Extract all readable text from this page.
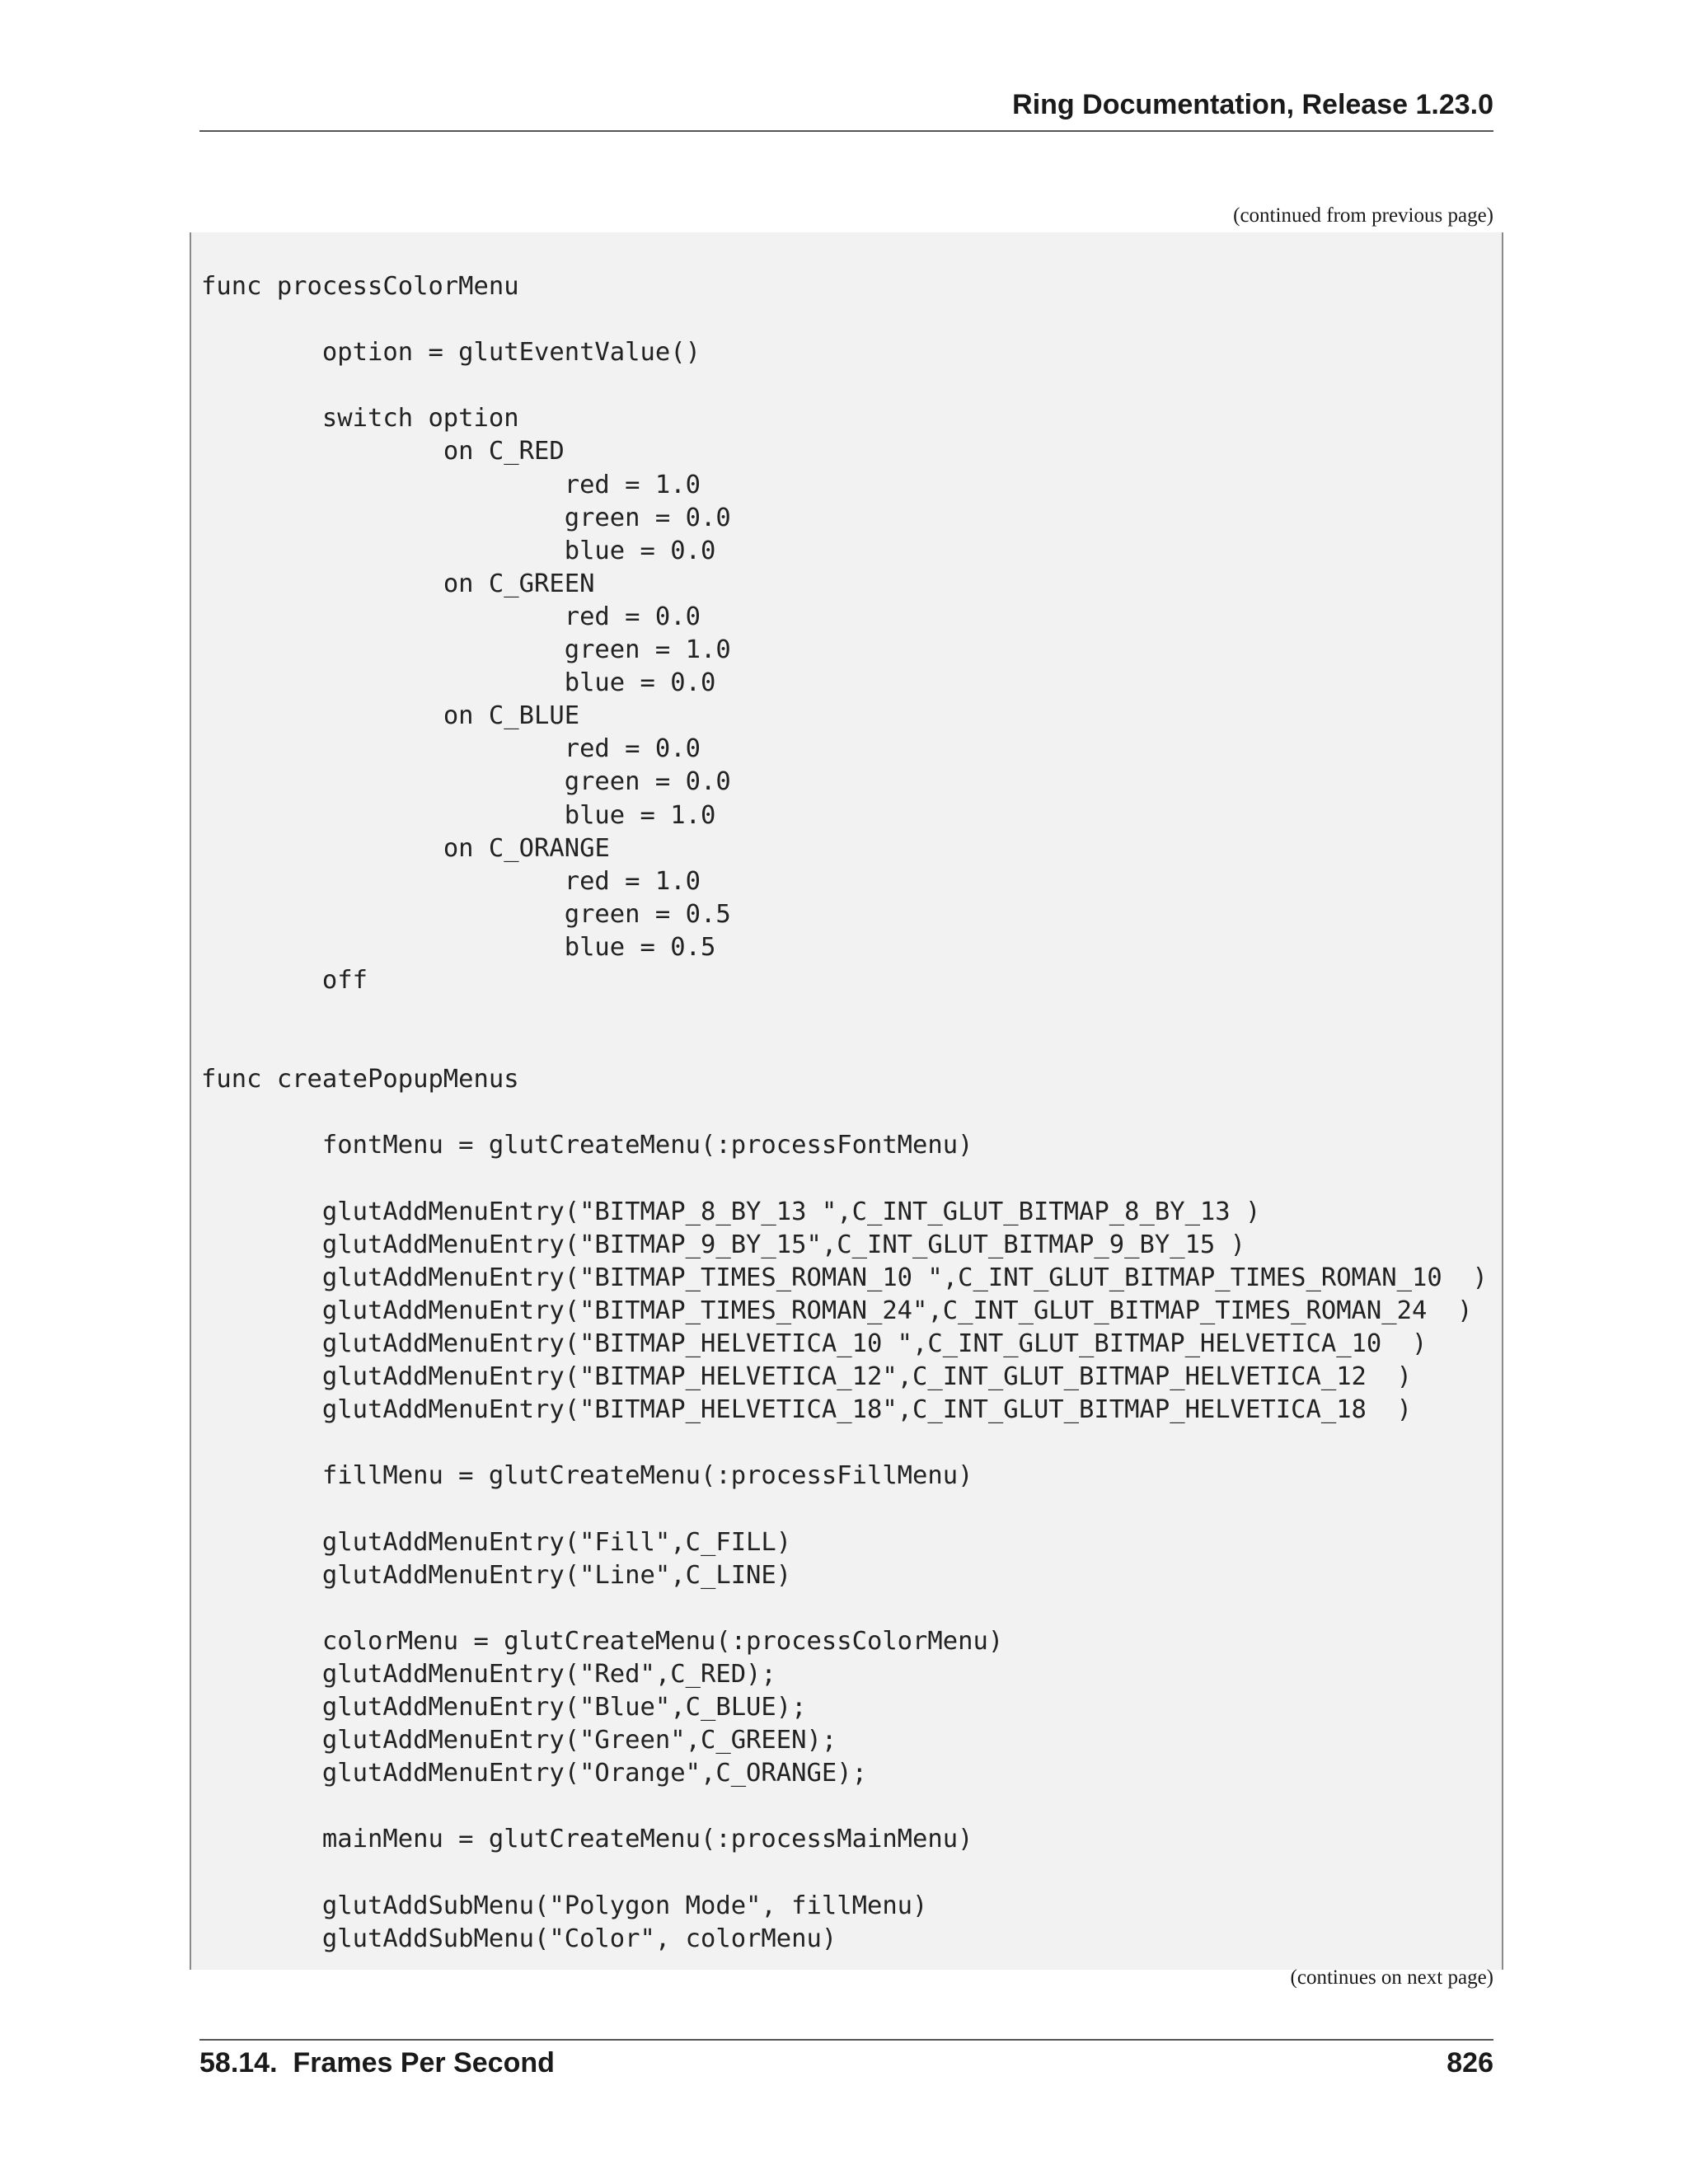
Ring Documentation, Release 1.23.0
(continued from previous page)
func processColorMenu

	option = glutEventValue()

	switch option
		on C_RED
			red = 1.0
			green = 0.0
			blue = 0.0
		on C_GREEN
			red = 0.0
			green = 1.0
			blue = 0.0
		on C_BLUE
			red = 0.0
			green = 0.0
			blue = 1.0
		on C_ORANGE
			red = 1.0
			green = 0.5
			blue = 0.5
	off

func createPopupMenus

	fontMenu = glutCreateMenu(:processFontMenu)

	glutAddMenuEntry("BITMAP_8_BY_13 ",C_INT_GLUT_BITMAP_8_BY_13 )
	glutAddMenuEntry("BITMAP_9_BY_15",C_INT_GLUT_BITMAP_9_BY_15 )
	glutAddMenuEntry("BITMAP_TIMES_ROMAN_10 ",C_INT_GLUT_BITMAP_TIMES_ROMAN_10  )
	glutAddMenuEntry("BITMAP_TIMES_ROMAN_24",C_INT_GLUT_BITMAP_TIMES_ROMAN_24  )
	glutAddMenuEntry("BITMAP_HELVETICA_10 ",C_INT_GLUT_BITMAP_HELVETICA_10  )
	glutAddMenuEntry("BITMAP_HELVETICA_12",C_INT_GLUT_BITMAP_HELVETICA_12  )
	glutAddMenuEntry("BITMAP_HELVETICA_18",C_INT_GLUT_BITMAP_HELVETICA_18  )

	fillMenu = glutCreateMenu(:processFillMenu)

	glutAddMenuEntry("Fill",C_FILL)
	glutAddMenuEntry("Line",C_LINE)

	colorMenu = glutCreateMenu(:processColorMenu)
	glutAddMenuEntry("Red",C_RED);
	glutAddMenuEntry("Blue",C_BLUE);
	glutAddMenuEntry("Green",C_GREEN);
	glutAddMenuEntry("Orange",C_ORANGE);

	mainMenu = glutCreateMenu(:processMainMenu)

	glutAddSubMenu("Polygon Mode", fillMenu)
	glutAddSubMenu("Color", colorMenu)
(continues on next page)
58.14.  Frames Per Second	826
